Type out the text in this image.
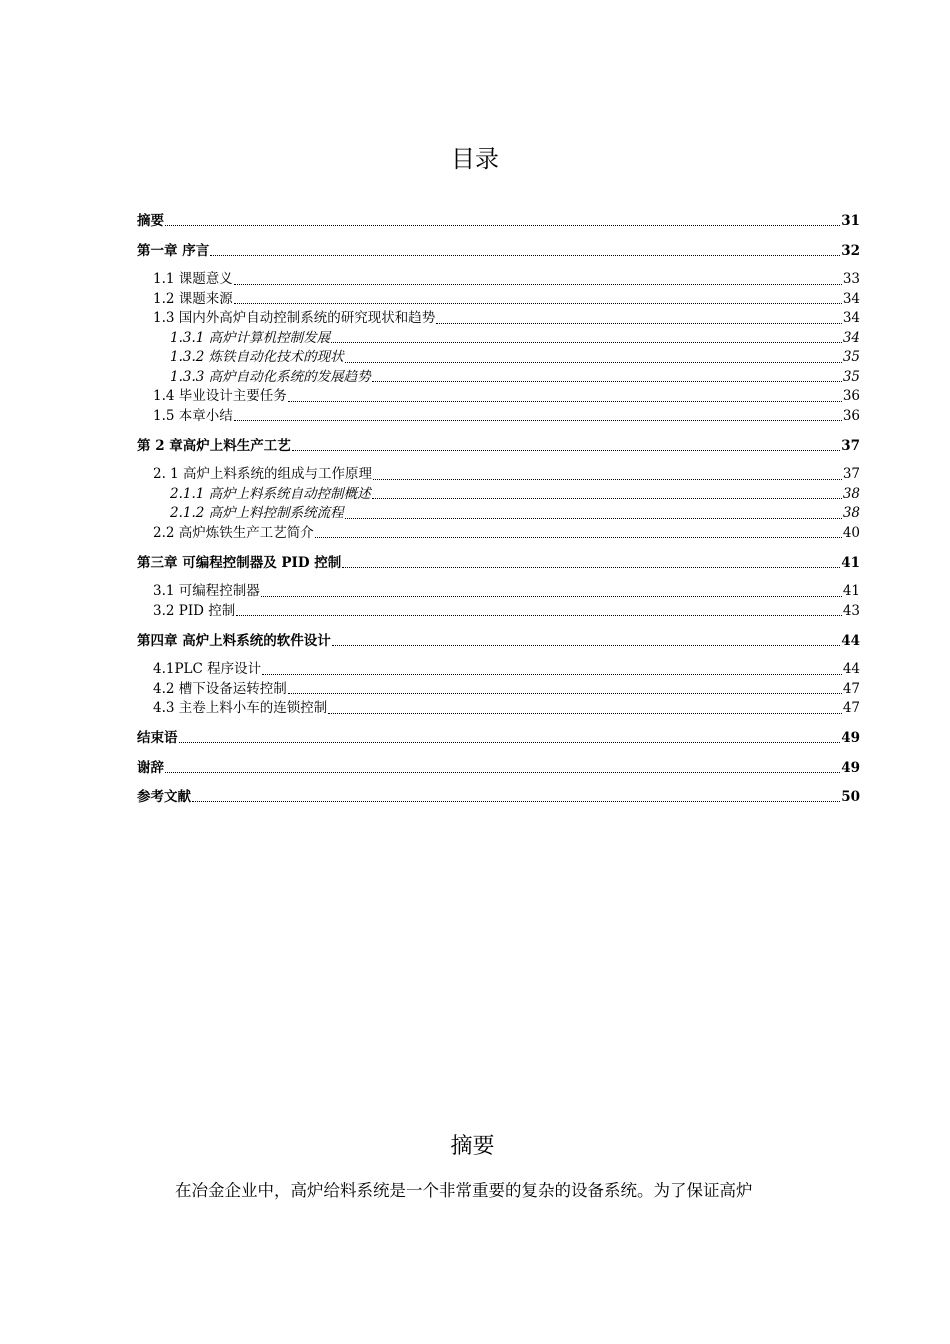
目录
摘要	31
第一章 序言	32
1.1 课题意义	33
1.2 课题来源	34
1.3 国内外高炉自动控制系统的研究现状和趋势	34
1.3.1 高炉计算机控制发展	34
1.3.2 炼铁自动化技术的现状	35
1.3.3 高炉自动化系统的发展趋势	35
1.4 毕业设计主要任务	36
1.5 本章小结	36
第 2 章高炉上料生产工艺	37
2. 1 高炉上料系统的组成与工作原理	37
2.1.1 高炉上料系统自动控制概述	38
2.1.2 高炉上料控制系统流程	38
2.2 高炉炼铁生产工艺简介	40
第三章 可编程控制器及 PID 控制	41
3.1 可编程控制器	41
3.2 PID 控制	43
第四章 高炉上料系统的软件设计	44
4.1PLC 程序设计	44
4.2 槽下设备运转控制	47
4.3 主卷上料小车的连锁控制	47
结束语	49
谢辞	49
参考文献	50
摘要
在冶金企业中，高炉给料系统是一个非常重要的复杂的设备系统。为了保证高炉
